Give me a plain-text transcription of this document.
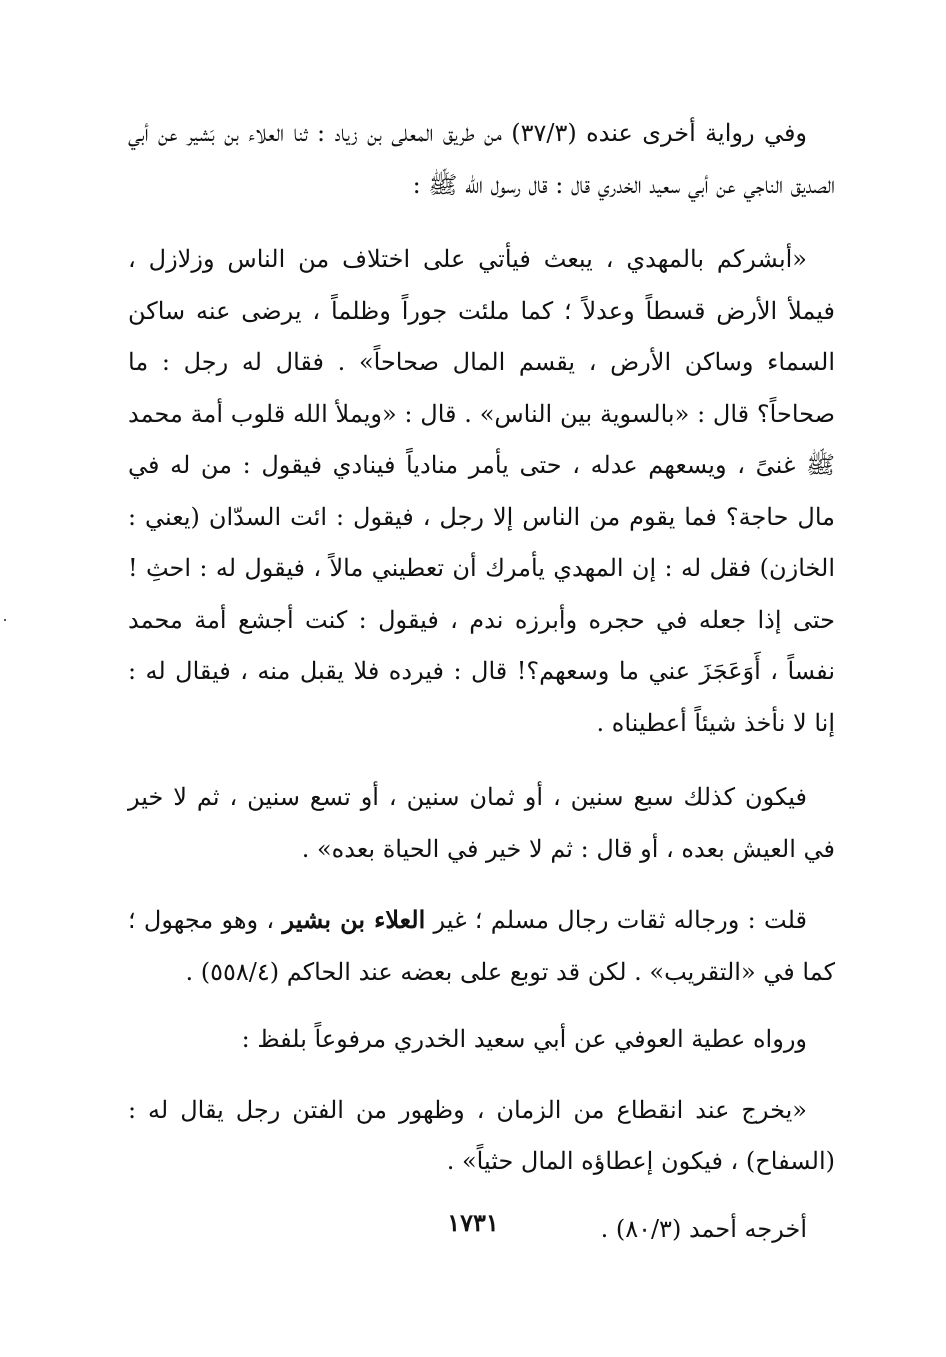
وفي رواية أخرى عنده (٣٧/٣) من طريق المعلى بن زياد : ثنا العلاء بن بَشير عن أبي الصديق الناجي عن أبي سعيد الخدري قال : قال رسول الله ﷺ :

«أبشركم بالمهدي ، يبعث فيأتي على اختلاف من الناس وزلازل ، فيملأ الأرض قسطاً وعدلاً ؛ كما ملئت جوراً وظلماً ، يرضى عنه ساكن السماء وساكن الأرض ، يقسم المال صحاحاً» . فقال له رجل : ما صحاحاً؟ قال : «بالسوية بين الناس» . قال : «ويملأ الله قلوب أمة محمد ﷺ غنىً ، ويسعهم عدله ، حتى يأمر منادياً فينادي فيقول : من له في مال حاجة؟ فما يقوم من الناس إلا رجل ، فيقول : ائت السدّان (يعني : الخازن) فقل له : إن المهدي يأمرك أن تعطيني مالاً ، فيقول له : احثِ ! حتى إذا جعله في حجره وأبرزه ندم ، فيقول : كنت أجشع أمة محمد نفساً ، أَوَعَجَزَ عني ما وسعهم؟! قال : فيرده فلا يقبل منه ، فيقال له : إنا لا نأخذ شيئاً أعطيناه .

فيكون كذلك سبع سنين ، أو ثمان سنين ، أو تسع سنين ، ثم لا خير في العيش بعده ، أو قال : ثم لا خير في الحياة بعده» .

قلت : ورجاله ثقات رجال مسلم ؛ غير العلاء بن بشير ، وهو مجهول ؛ كما في «التقريب» . لكن قد توبع على بعضه عند الحاكم (٥٥٨/٤) .

ورواه عطية العوفي عن أبي سعيد الخدري مرفوعاً بلفظ :

«يخرج عند انقطاع من الزمان ، وظهور من الفتن رجل يقال له : (السفاح) ، فيكون إعطاؤه المال حثياً» .

أخرجه أحمد (٨٠/٣) .

١٧٣١
